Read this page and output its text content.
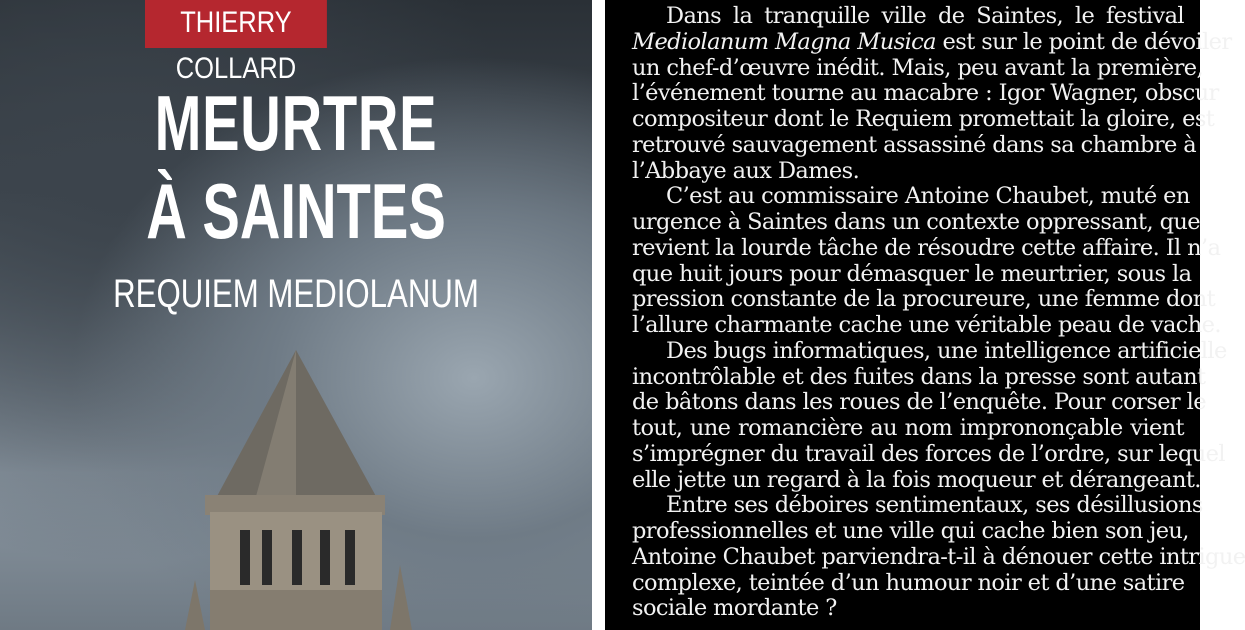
THIERRY COLLARD
MEURTRE
À SAINTES
REQUIEM MEDIOLANUM
Dans la tranquille ville de Saintes, le festival
Mediolanum Magna Musica est sur le point de dévoiler
un chef-d’œuvre inédit. Mais, peu avant la première,
l’événement tourne au macabre : Igor Wagner, obscur
compositeur dont le Requiem promettait la gloire, est
retrouvé sauvagement assassiné dans sa chambre à
l’Abbaye aux Dames.
C’est au commissaire Antoine Chaubet, muté en
urgence à Saintes dans un contexte oppressant, que
revient la lourde tâche de résoudre cette affaire. Il n’a
que huit jours pour démasquer le meurtrier, sous la
pression constante de la procureure, une femme dont
l’allure charmante cache une véritable peau de vache.
Des bugs informatiques, une intelligence artificielle
incontrôlable et des fuites dans la presse sont autant
de bâtons dans les roues de l’enquête. Pour corser le
tout, une romancière au nom imprononçable vient
s’imprégner du travail des forces de l’ordre, sur lequel
elle jette un regard à la fois moqueur et dérangeant.
Entre ses déboires sentimentaux, ses désillusions
professionnelles et une ville qui cache bien son jeu,
Antoine Chaubet parviendra-t-il à dénouer cette intrigue
complexe, teintée d’un humour noir et d’une satire
sociale mordante ?
